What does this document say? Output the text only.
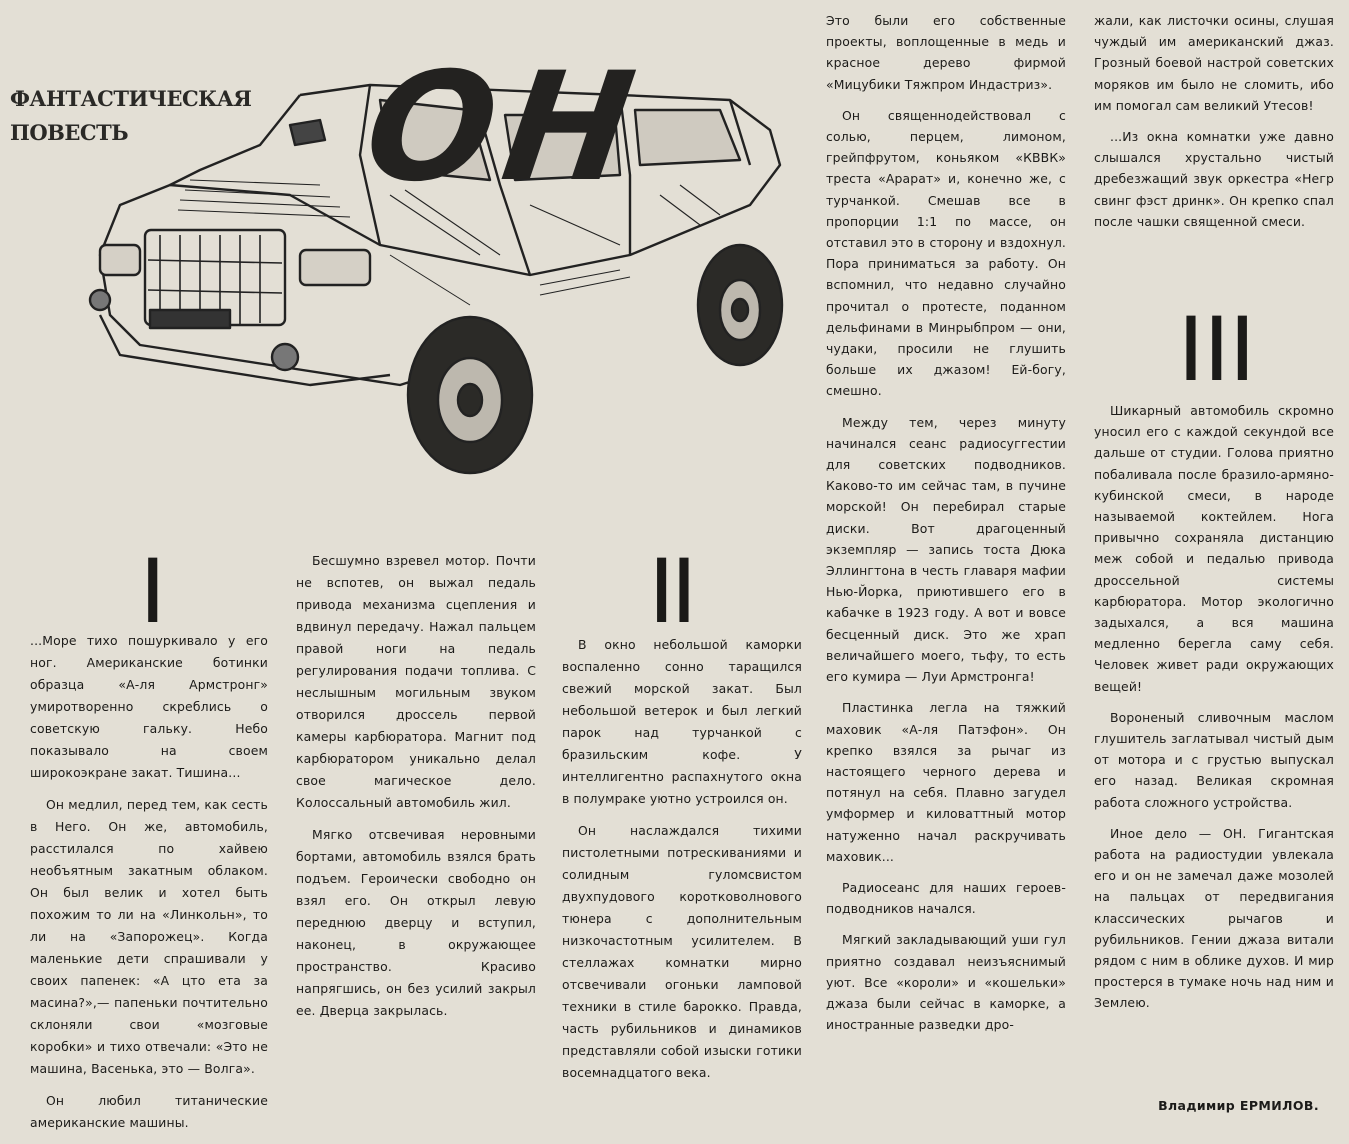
ФАНТАСТИЧЕСКАЯ
ПОВЕСТЬ	ОН
I

...Море тихо пошуркивало у его ног. Американские ботинки образца «А-ля Армстронг» умиротворенно скреблись о советскую гальку. Небо показывало на своем широкоэкране закат. Тишина...

Он медлил, перед тем, как сесть в Него. Он же, автомобиль, расстилался по хайвею необъятным закатным облаком. Он был велик и хотел быть похожим то ли на «Линкольн», то ли на «Запорожец». Когда маленькие дети спрашивали у своих папенек: «А цто ета за масина?»,— папеньки почтительно склоняли свои «мозговые коробки» и тихо отвечали: «Это не машина, Васенька, это — Волга».

Он любил титанические американские машины.

Бесшумно взревел мотор. Почти не вспотев, он выжал педаль привода механизма сцепления и вдвинул передачу. Нажал пальцем правой ноги на педаль регулирования подачи топлива. С неслышным могильным звуком отворился дроссель первой камеры карбюратора. Магнит под карбюратором уникально делал свое магическое дело. Колоссальный автомобиль жил.

Мягко отсвечивая неровными бортами, автомобиль взялся брать подъем. Героически свободно он взял его. Он открыл левую переднюю дверцу и вступил, наконец, в окружающее пространство. Красиво напрягшись, он без усилий закрыл ее. Дверца закрылась.

II

В окно небольшой каморки воспаленно сонно таращился свежий морской закат. Был небольшой ветерок и был легкий парок над турчанкой с бразильским кофе. У интеллигентно распахнутого окна в полумраке уютно устроился он.

Он наслаждался тихими пистолетными потрескиваниями и солидным гуломсвистом двухпудового коротковолнового тюнера с дополнительным низкочастотным усилителем. В стеллажах комнатки мирно отсвечивали огоньки ламповой техники в стиле барокко. Правда, часть рубильников и динамиков представляли собой изыски готики восемнадцатого века.

Это были его собственные проекты, воплощенные в медь и красное дерево фирмой «Мицубики Тяжпром Индастриз».

Он священнодействовал с солью, перцем, лимоном, грейпфрутом, коньяком «КВВК» треста «Арарат» и, конечно же, с турчанкой. Смешав все в пропорции 1:1 по массе, он отставил это в сторону и вздохнул. Пора приниматься за работу. Он вспомнил, что недавно случайно прочитал о протесте, поданном дельфинами в Минрыбпром — они, чудаки, просили не глушить больше их джазом! Ей-богу, смешно.

Между тем, через минуту начинался сеанс радиосуггестии для советских подводников. Каково-то им сейчас там, в пучине морской! Он перебирал старые диски. Вот драгоценный экземпляр — запись тоста Дюка Эллингтона в честь главаря мафии Нью-Йорка, приютившего его в кабачке в 1923 году. А вот и вовсе бесценный диск. Это же храп величайшего моего, тьфу, то есть его кумира — Луи Армстронга!

Пластинка легла на тяжкий маховик «А-ля Патэфон». Он крепко взялся за рычаг из настоящего черного дерева и потянул на себя. Плавно загудел умформер и киловаттный мотор натуженно начал раскручивать маховик...

Радиосеанс для наших героев-подводников начался.

Мягкий закладывающий уши гул приятно создавал неизъяснимый уют. Все «короли» и «кошельки» джаза были сейчас в каморке, а иностранные разведки дро-

жали, как листочки осины, слушая чуждый им американский джаз. Грозный боевой настрой советских моряков им было не сломить, ибо им помогал сам великий Утесов!

...Из окна комнатки уже давно слышался хрустально чистый дребезжащий звук оркестра «Негр свинг фэст дринк». Он крепко спал после чашки священной смеси.

III

Шикарный автомобиль скромно уносил его с каждой секундой все дальше от студии. Голова приятно побаливала после бразило-армяно-кубинской смеси, в народе называемой коктейлем. Нога привычно сохраняла дистанцию меж собой и педалью привода дроссельной системы карбюратора. Мотор экологично задыхался, а вся машина медленно берегла саму себя. Человек живет ради окружающих вещей!

Вороненый сливочным маслом глушитель заглатывал чистый дым от мотора и с грустью выпускал его назад. Великая скромная работа сложного устройства.

Иное дело — ОН. Гигантская работа на радиостудии увлекала его и он не замечал даже мозолей на пальцах от передвигания классических рычагов и рубильников. Гении джаза витали рядом с ним в облике духов. И мир простерся в тумаке ночь над ним и Землею.

Владимир ЕРМИЛОВ.
